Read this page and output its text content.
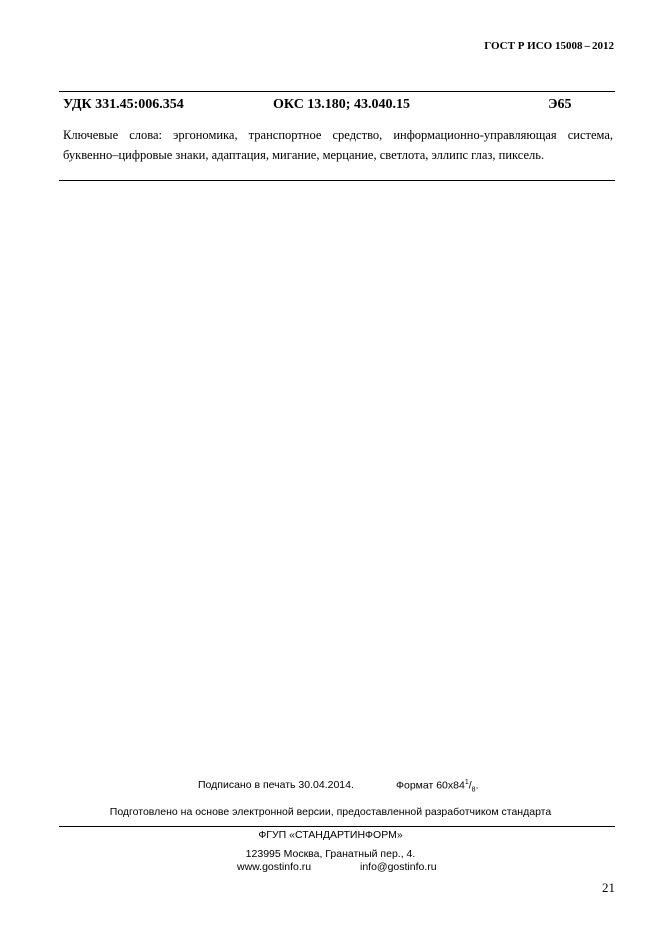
ГОСТ Р ИСО 15008 – 2012
УДК 331.45:006.354	ОКС 13.180; 43.040.15	Э65
Ключевые слова: эргономика, транспортное средство, информационно-управляющая система, буквенно–цифровые знаки, адаптация, мигание, мерцание, светлота, эллипс глаз, пиксель.
Подписано в печать 30.04.2014.	Формат $60x84^1/_8$.
Подготовлено на основе электронной версии, предоставленной разработчиком стандарта
ФГУП «СТАНДАРТИНФОРМ»
123995 Москва, Гранатный пер., 4.
www.gostinfo.ru	info@gostinfo.ru
21
